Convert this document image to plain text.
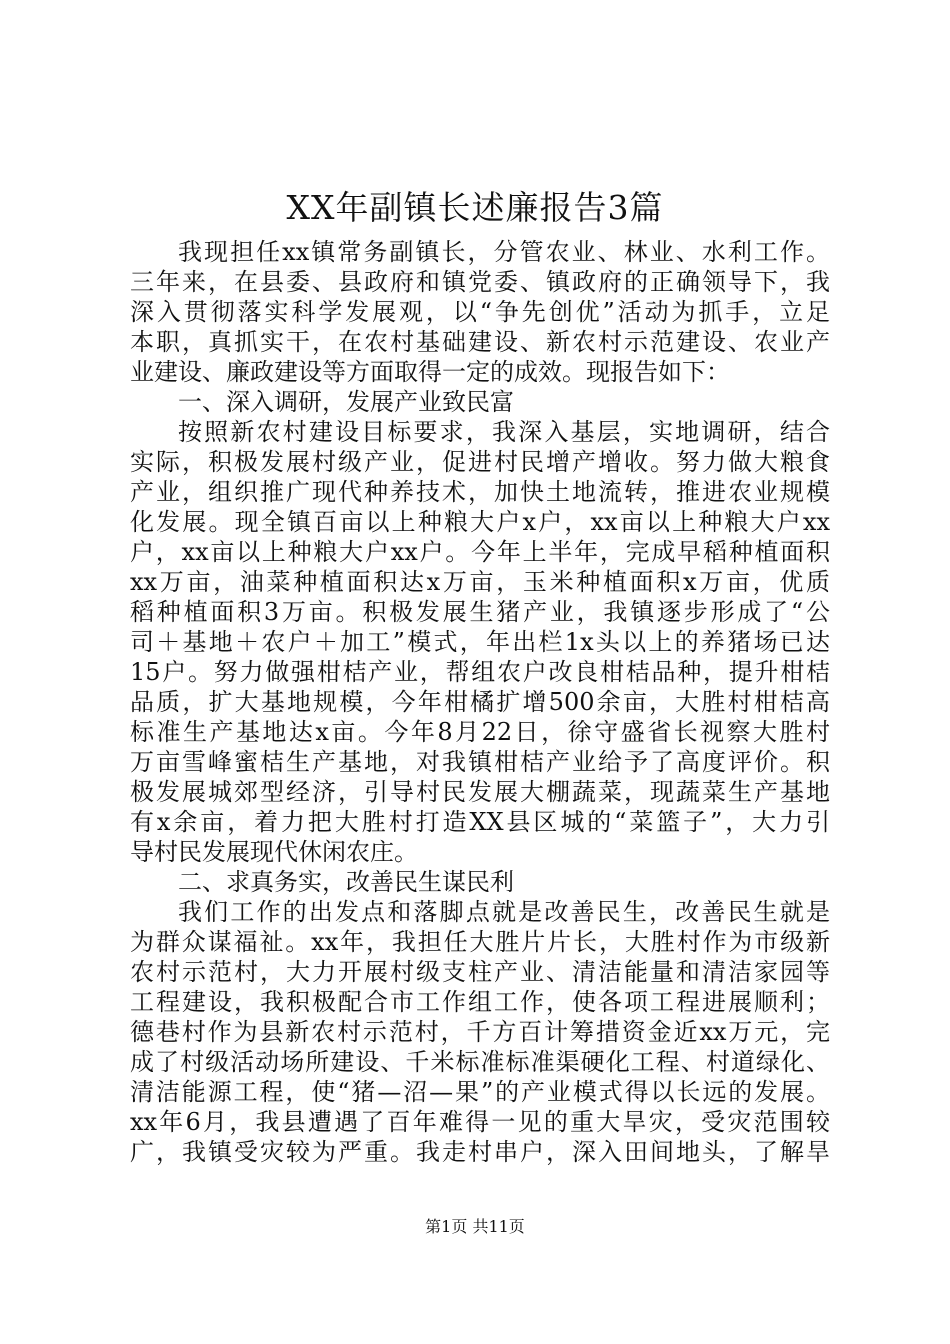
XX年副镇长述廉报告3篇
我现担任xx镇常务副镇长，分管农业、林业、水利工作。
三年来，在县委、县政府和镇党委、镇政府的正确领导下，我
深入贯彻落实科学发展观，以“争先创优”活动为抓手，立足
本职，真抓实干，在农村基础建设、新农村示范建设、农业产
业建设、廉政建设等方面取得一定的成效。现报告如下：
一、深入调研，发展产业致民富
按照新农村建设目标要求，我深入基层，实地调研，结合
实际，积极发展村级产业，促进村民增产增收。努力做大粮食
产业，组织推广现代种养技术，加快土地流转，推进农业规模
化发展。现全镇百亩以上种粮大户x户，xx亩以上种粮大户xx
户，xx亩以上种粮大户xx户。今年上半年，完成早稻种植面积
xx万亩，油菜种植面积达x万亩，玉米种植面积x万亩，优质
稻种植面积3万亩。积极发展生猪产业，我镇逐步形成了“公
司＋基地＋农户＋加工”模式，年出栏1x头以上的养猪场已达
15户。努力做强柑桔产业，帮组农户改良柑桔品种，提升柑桔
品质，扩大基地规模，今年柑橘扩增500余亩，大胜村柑桔高
标准生产基地达x亩。今年8月22日，徐守盛省长视察大胜村
万亩雪峰蜜桔生产基地，对我镇柑桔产业给予了高度评价。积
极发展城郊型经济，引导村民发展大棚蔬菜，现蔬菜生产基地
有x余亩，着力把大胜村打造XX县区城的“菜篮子”，大力引
导村民发展现代休闲农庄。
二、求真务实，改善民生谋民利
我们工作的出发点和落脚点就是改善民生，改善民生就是
为群众谋福祉。xx年，我担任大胜片片长，大胜村作为市级新
农村示范村，大力开展村级支柱产业、清洁能量和清洁家园等
工程建设，我积极配合市工作组工作，使各项工程进展顺利；
德巷村作为县新农村示范村，千方百计筹措资金近xx万元，完
成了村级活动场所建设、千米标准标准渠硬化工程、村道绿化、
清洁能源工程，使“猪—沼—果”的产业模式得以长远的发展。
xx年6月，我县遭遇了百年难得一见的重大旱灾，受灾范围较
广，我镇受灾较为严重。我走村串户，深入田间地头，了解旱
第1页 共11页
